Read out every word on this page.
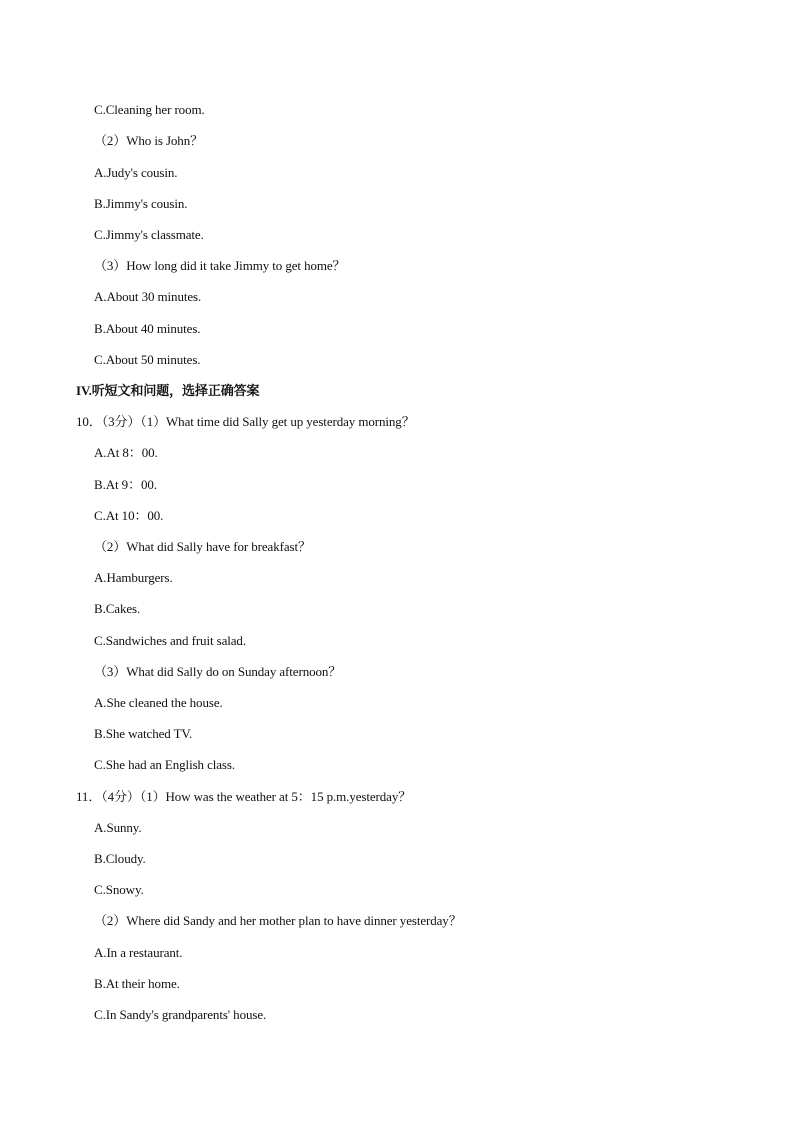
C.Cleaning her room.
（2）Who is John？
A.Judy's cousin.
B.Jimmy's cousin.
C.Jimmy's classmate.
（3）How long did it take Jimmy to get home？
A.About 30 minutes.
B.About 40 minutes.
C.About 50 minutes.
IV.听短文和问题，选择正确答案
10．（3分）（1）What time did Sally get up yesterday morning？
A.At 8：00.
B.At 9：00.
C.At 10：00.
（2）What did Sally have for breakfast？
A.Hamburgers.
B.Cakes.
C.Sandwiches and fruit salad.
（3）What did Sally do on Sunday afternoon？
A.She cleaned the house.
B.She watched TV.
C.She had an English class.
11．（4分）（1）How was the weather at 5：15 p.m.yesterday？
A.Sunny.
B.Cloudy.
C.Snowy.
（2）Where did Sandy and her mother plan to have dinner yesterday？
A.In a restaurant.
B.At their home.
C.In Sandy's grandparents' house.
